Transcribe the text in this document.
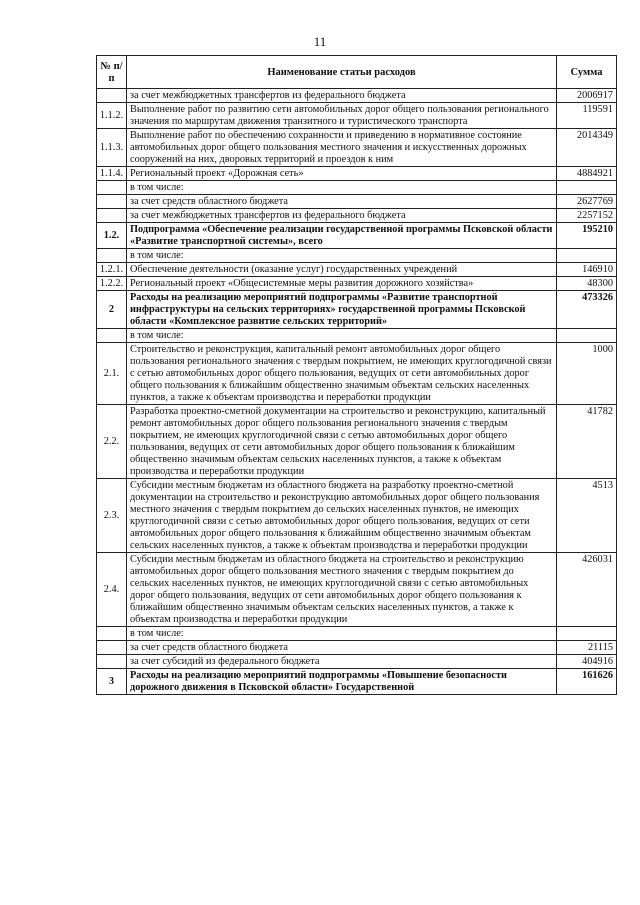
11
№ п/п	Наименование статьи расходов	Сумма
	за счет межбюджетных трансфертов из федерального бюджета	2006917
1.1.2.	Выполнение работ по развитию сети автомобильных дорог общего пользования регионального значения по маршрутам движения транзитного и туристического транспорта	119591
1.1.3.	Выполнение работ по обеспечению сохранности и приведению в нормативное состояние автомобильных дорог общего пользования местного значения и искусственных дорожных сооружений на них, дворовых территорий и проездов к ним	2014349
1.1.4.	Региональный проект «Дорожная сеть»	4884921
	в том числе:	
	за счет средств областного бюджета	2627769
	за счет межбюджетных трансфертов из федерального бюджета	2257152
1.2.	Подпрограмма «Обеспечение реализации государственной программы Псковской области «Развитие транспортной системы», всего	195210
	в том числе:	
1.2.1.	Обеспечение деятельности (оказание услуг) государственных учреждений	146910
1.2.2.	Региональный проект «Общесистемные меры развития дорожного хозяйства»	48300
2	Расходы на реализацию мероприятий подпрограммы «Развитие транспортной инфраструктуры на сельских территориях» государственной программы Псковской области «Комплексное развитие сельских территорий»	473326
	в том числе:	
2.1.	Строительство и реконструкция, капитальный ремонт автомобильных дорог общего пользования регионального значения с твердым покрытием, не имеющих круглогодичной связи с сетью автомобильных дорог общего пользования, ведущих от сети автомобильных дорог общего пользования к ближайшим общественно значимым объектам сельских населенных пунктов, а также к объектам производства и переработки продукции	1000
2.2.	Разработка проектно-сметной документации на строительство и реконструкцию, капитальный ремонт автомобильных дорог общего пользования регионального значения с твердым покрытием, не имеющих круглогодичной связи с сетью автомобильных дорог общего пользования, ведущих от сети автомобильных дорог общего пользования к ближайшим общественно значимым объектам сельских населенных пунктов, а также к объектам производства и переработки продукции	41782
2.3.	Субсидии местным бюджетам из областного бюджета на разработку проектно-сметной документации на строительство и реконструкцию автомобильных дорог общего пользования местного значения с твердым покрытием до сельских населенных пунктов, не имеющих круглогодичной связи с сетью автомобильных дорог общего пользования, ведущих от сети автомобильных дорог общего пользования к ближайшим общественно значимым объектам сельских населенных пунктов, а также к объектам производства и переработки продукции	4513
2.4.	Субсидии местным бюджетам из областного бюджета на строительство и реконструкцию автомобильных дорог общего пользования местного значения с твердым покрытием до сельских населенных пунктов, не имеющих круглогодичной связи с сетью автомобильных дорог общего пользования, ведущих от сети автомобильных дорог общего пользования к ближайшим общественно значимым объектам сельских населенных пунктов, а также к объектам производства и переработки продукции	426031
	в том числе:	
	за счет средств областного бюджета	21115
	за счет субсидий из федерального бюджета	404916
3	Расходы на реализацию мероприятий подпрограммы «Повышение безопасности дорожного движения в Псковской области» Государственной	161626
